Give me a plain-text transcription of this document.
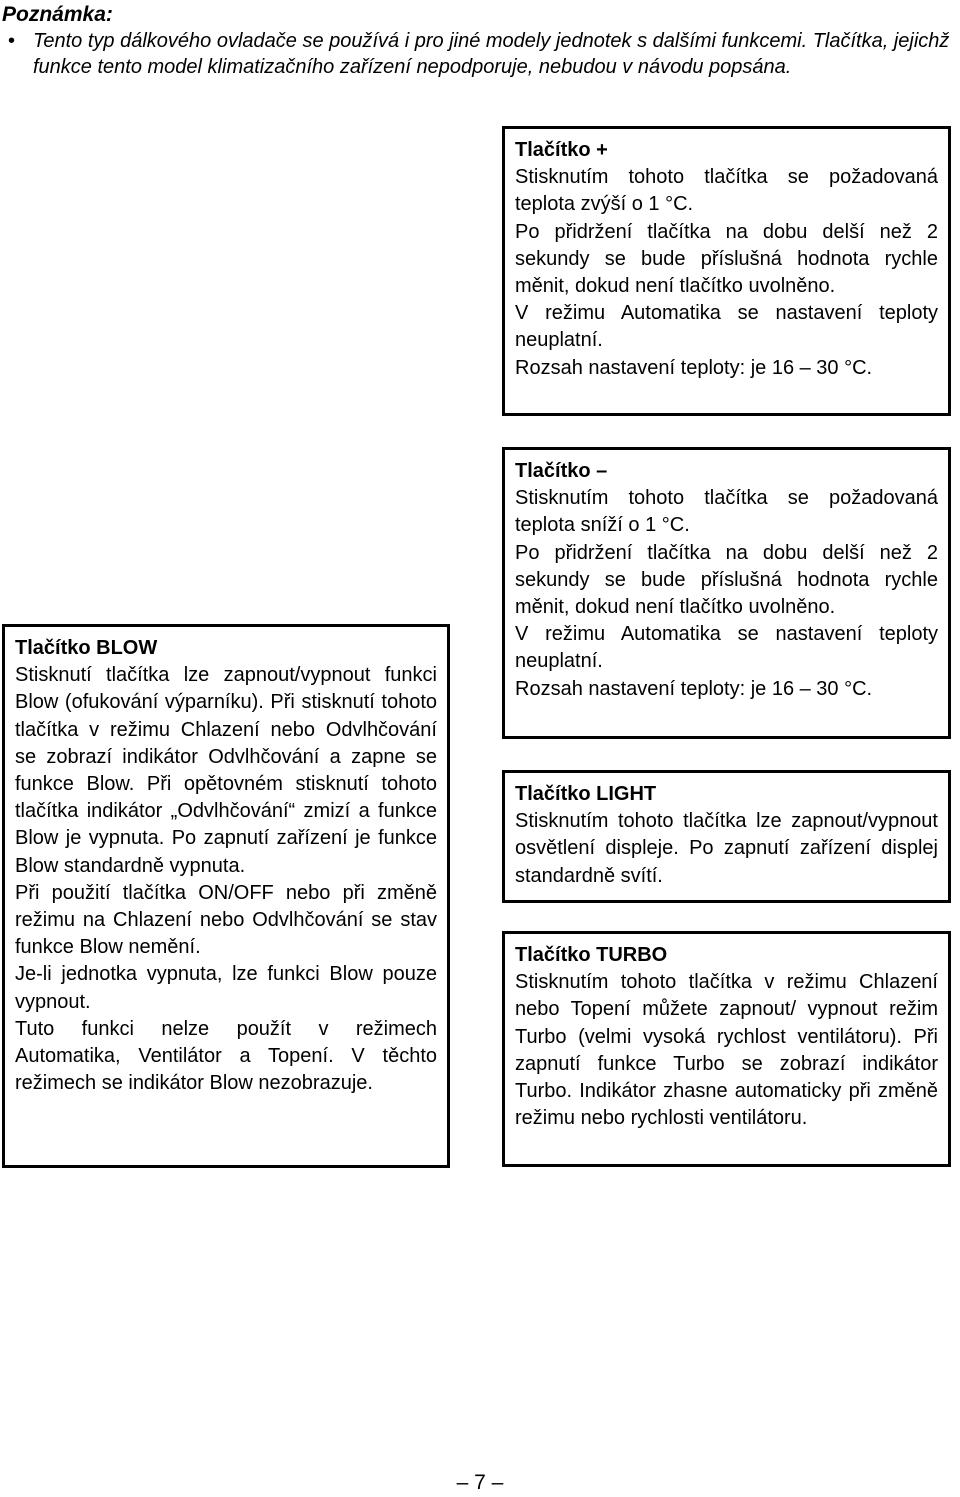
Poznámka:
• Tento typ dálkového ovladače se používá i pro jiné modely jednotek s dalšími funkcemi. Tlačítka, jejichž funkce tento model klimatizačního zařízení nepodporuje, nebudou v návodu popsána.
Tlačítko +

Stisknutím tohoto tlačítka se požadovaná teplota zvýší o 1 °C.

Po přidržení tlačítka na dobu delší než 2 sekundy se bude příslušná hodnota rychle měnit, dokud není tlačítko uvolněno.

V režimu Automatika se nastavení teploty neuplatní.

Rozsah nastavení teploty: je 16 – 30 °C.

Tlačítko –

Stisknutím tohoto tlačítka se požadovaná teplota sníží o 1 °C.

Po přidržení tlačítka na dobu delší než 2 sekundy se bude příslušná hodnota rychle měnit, dokud není tlačítko uvolněno.

V režimu Automatika se nastavení teploty neuplatní.

Rozsah nastavení teploty: je 16 – 30 °C.

Tlačítko BLOW

Stisknutí tlačítka lze zapnout/vypnout funkci Blow (ofukování výparníku). Při stisknutí tohoto tlačítka v režimu Chlazení nebo Odvlhčování se zobrazí indikátor Odvlhčování a zapne se funkce Blow. Při opětovném stisknutí tohoto tlačítka indikátor „Odvlhčování“ zmizí a funkce Blow je vypnuta. Po zapnutí zařízení je funkce Blow standardně vypnuta.

Při použití tlačítka ON/OFF nebo při změně režimu na Chlazení nebo Odvlhčování se stav funkce Blow nemění.

Je-li jednotka vypnuta, lze funkci Blow pouze vypnout.

Tuto funkci nelze použít v režimech Automatika, Ventilátor a Topení. V těchto režimech se indikátor Blow nezobrazuje.

Tlačítko LIGHT

Stisknutím tohoto tlačítka lze zapnout/vypnout osvětlení displeje. Po zapnutí zařízení displej standardně svítí.

Tlačítko TURBO

Stisknutím tohoto tlačítka v režimu Chlazení nebo Topení můžete zapnout/ vypnout režim Turbo (velmi vysoká rychlost ventilátoru). Při zapnutí funkce Turbo se zobrazí indikátor Turbo. Indikátor zhasne automaticky při změně režimu nebo rychlosti ventilátoru.

– 7 –
